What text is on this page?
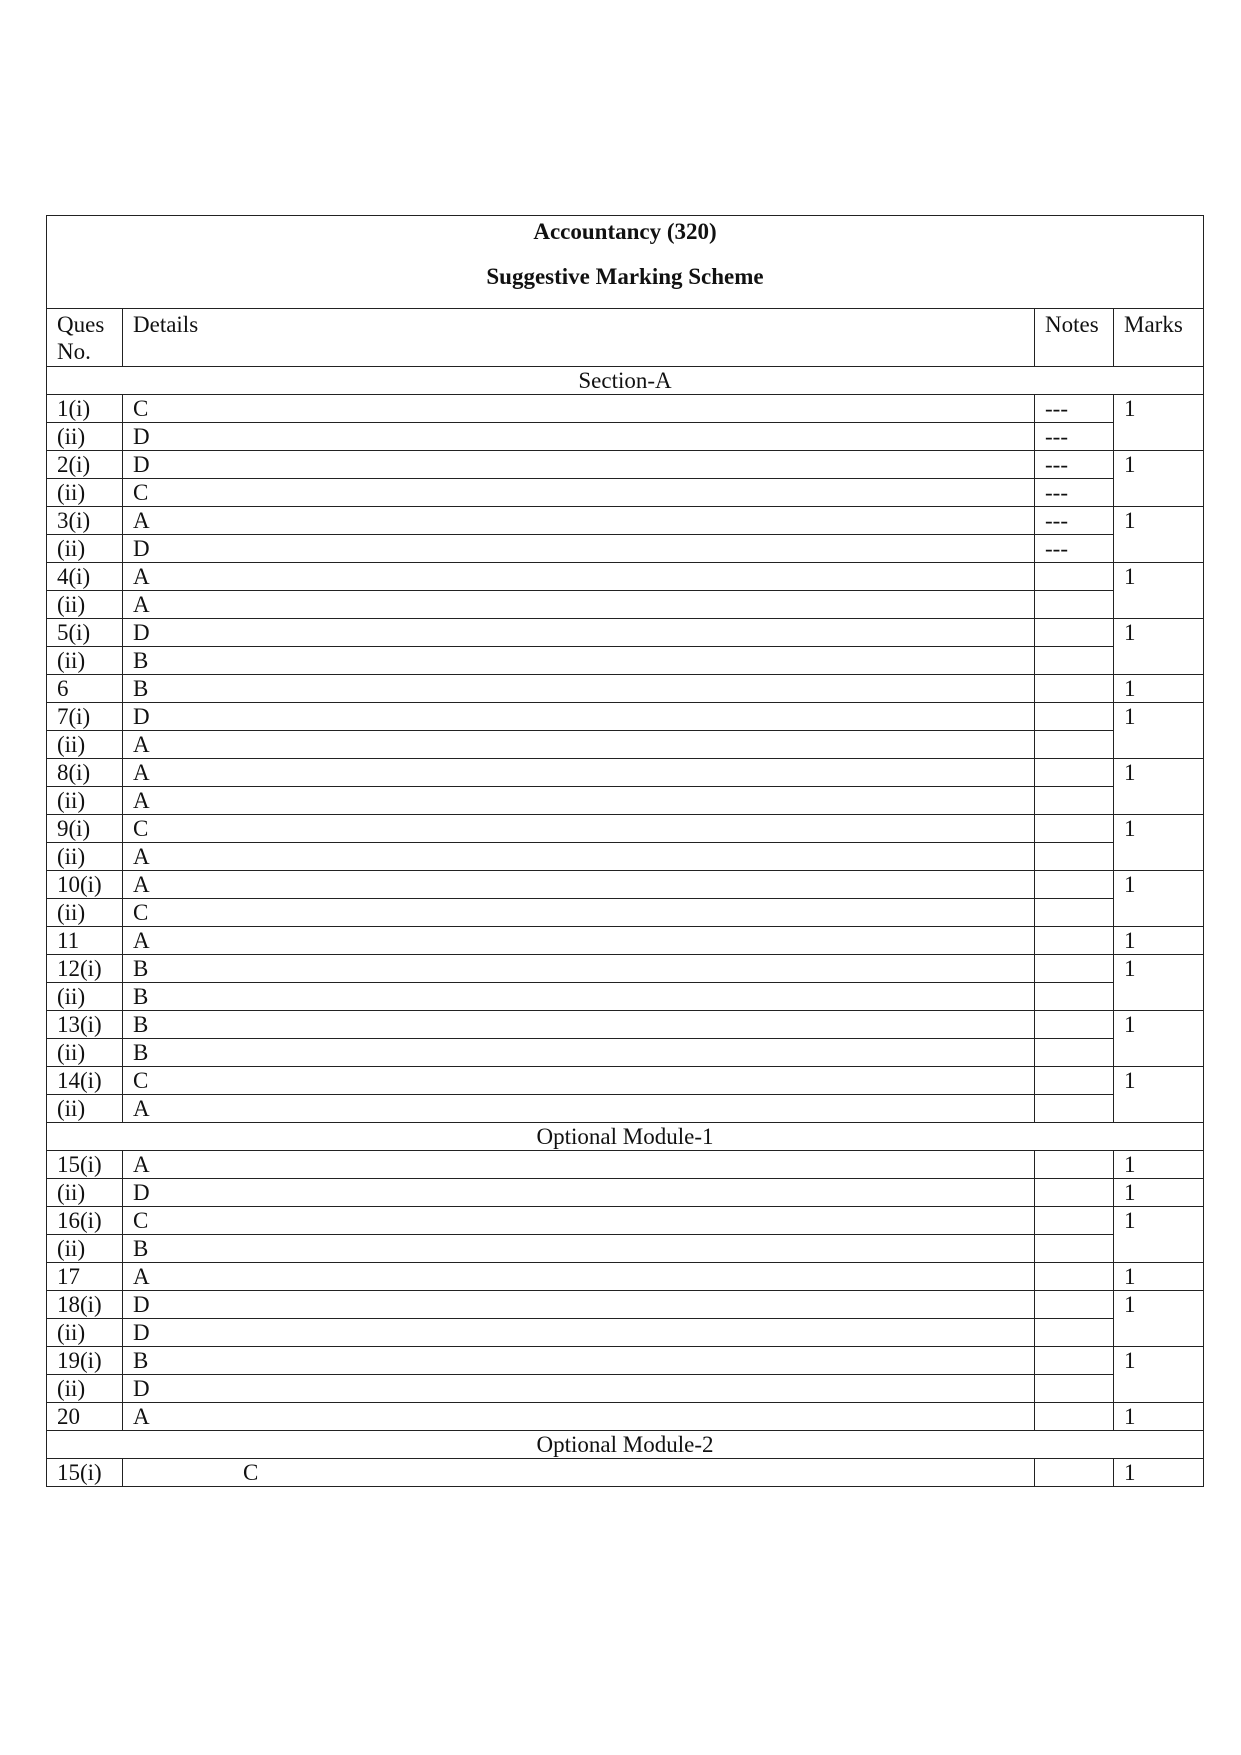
Accountancy (320)
Suggestive Marking Scheme			

Ques No.	Details	Notes	Marks
Section-A			
1(i)	C	---	1
(ii)	D	---	
2(i)	D	---	1
(ii)	C	---	
3(i)	A	---	1
(ii)	D	---	
4(i)	A		1
(ii)	A		
5(i)	D		1
(ii)	B		
6	B		1
7(i)	D		1
(ii)	A		
8(i)	A		1
(ii)	A		
9(i)	C		1
(ii)	A		
10(i)	A		1
(ii)	C		
11	A		1
12(i)	B		1
(ii)	B		
13(i)	B		1
(ii)	B		
14(i)	C		1
(ii)	A		
Optional Module-1			
15(i)	A		1
(ii)	D		1
16(i)	C		1
(ii)	B		
17	A		1
18(i)	D		1
(ii)	D		
19(i)	B		1
(ii)	D		
20	A		1
Optional Module-2			
15(i)	C		1
